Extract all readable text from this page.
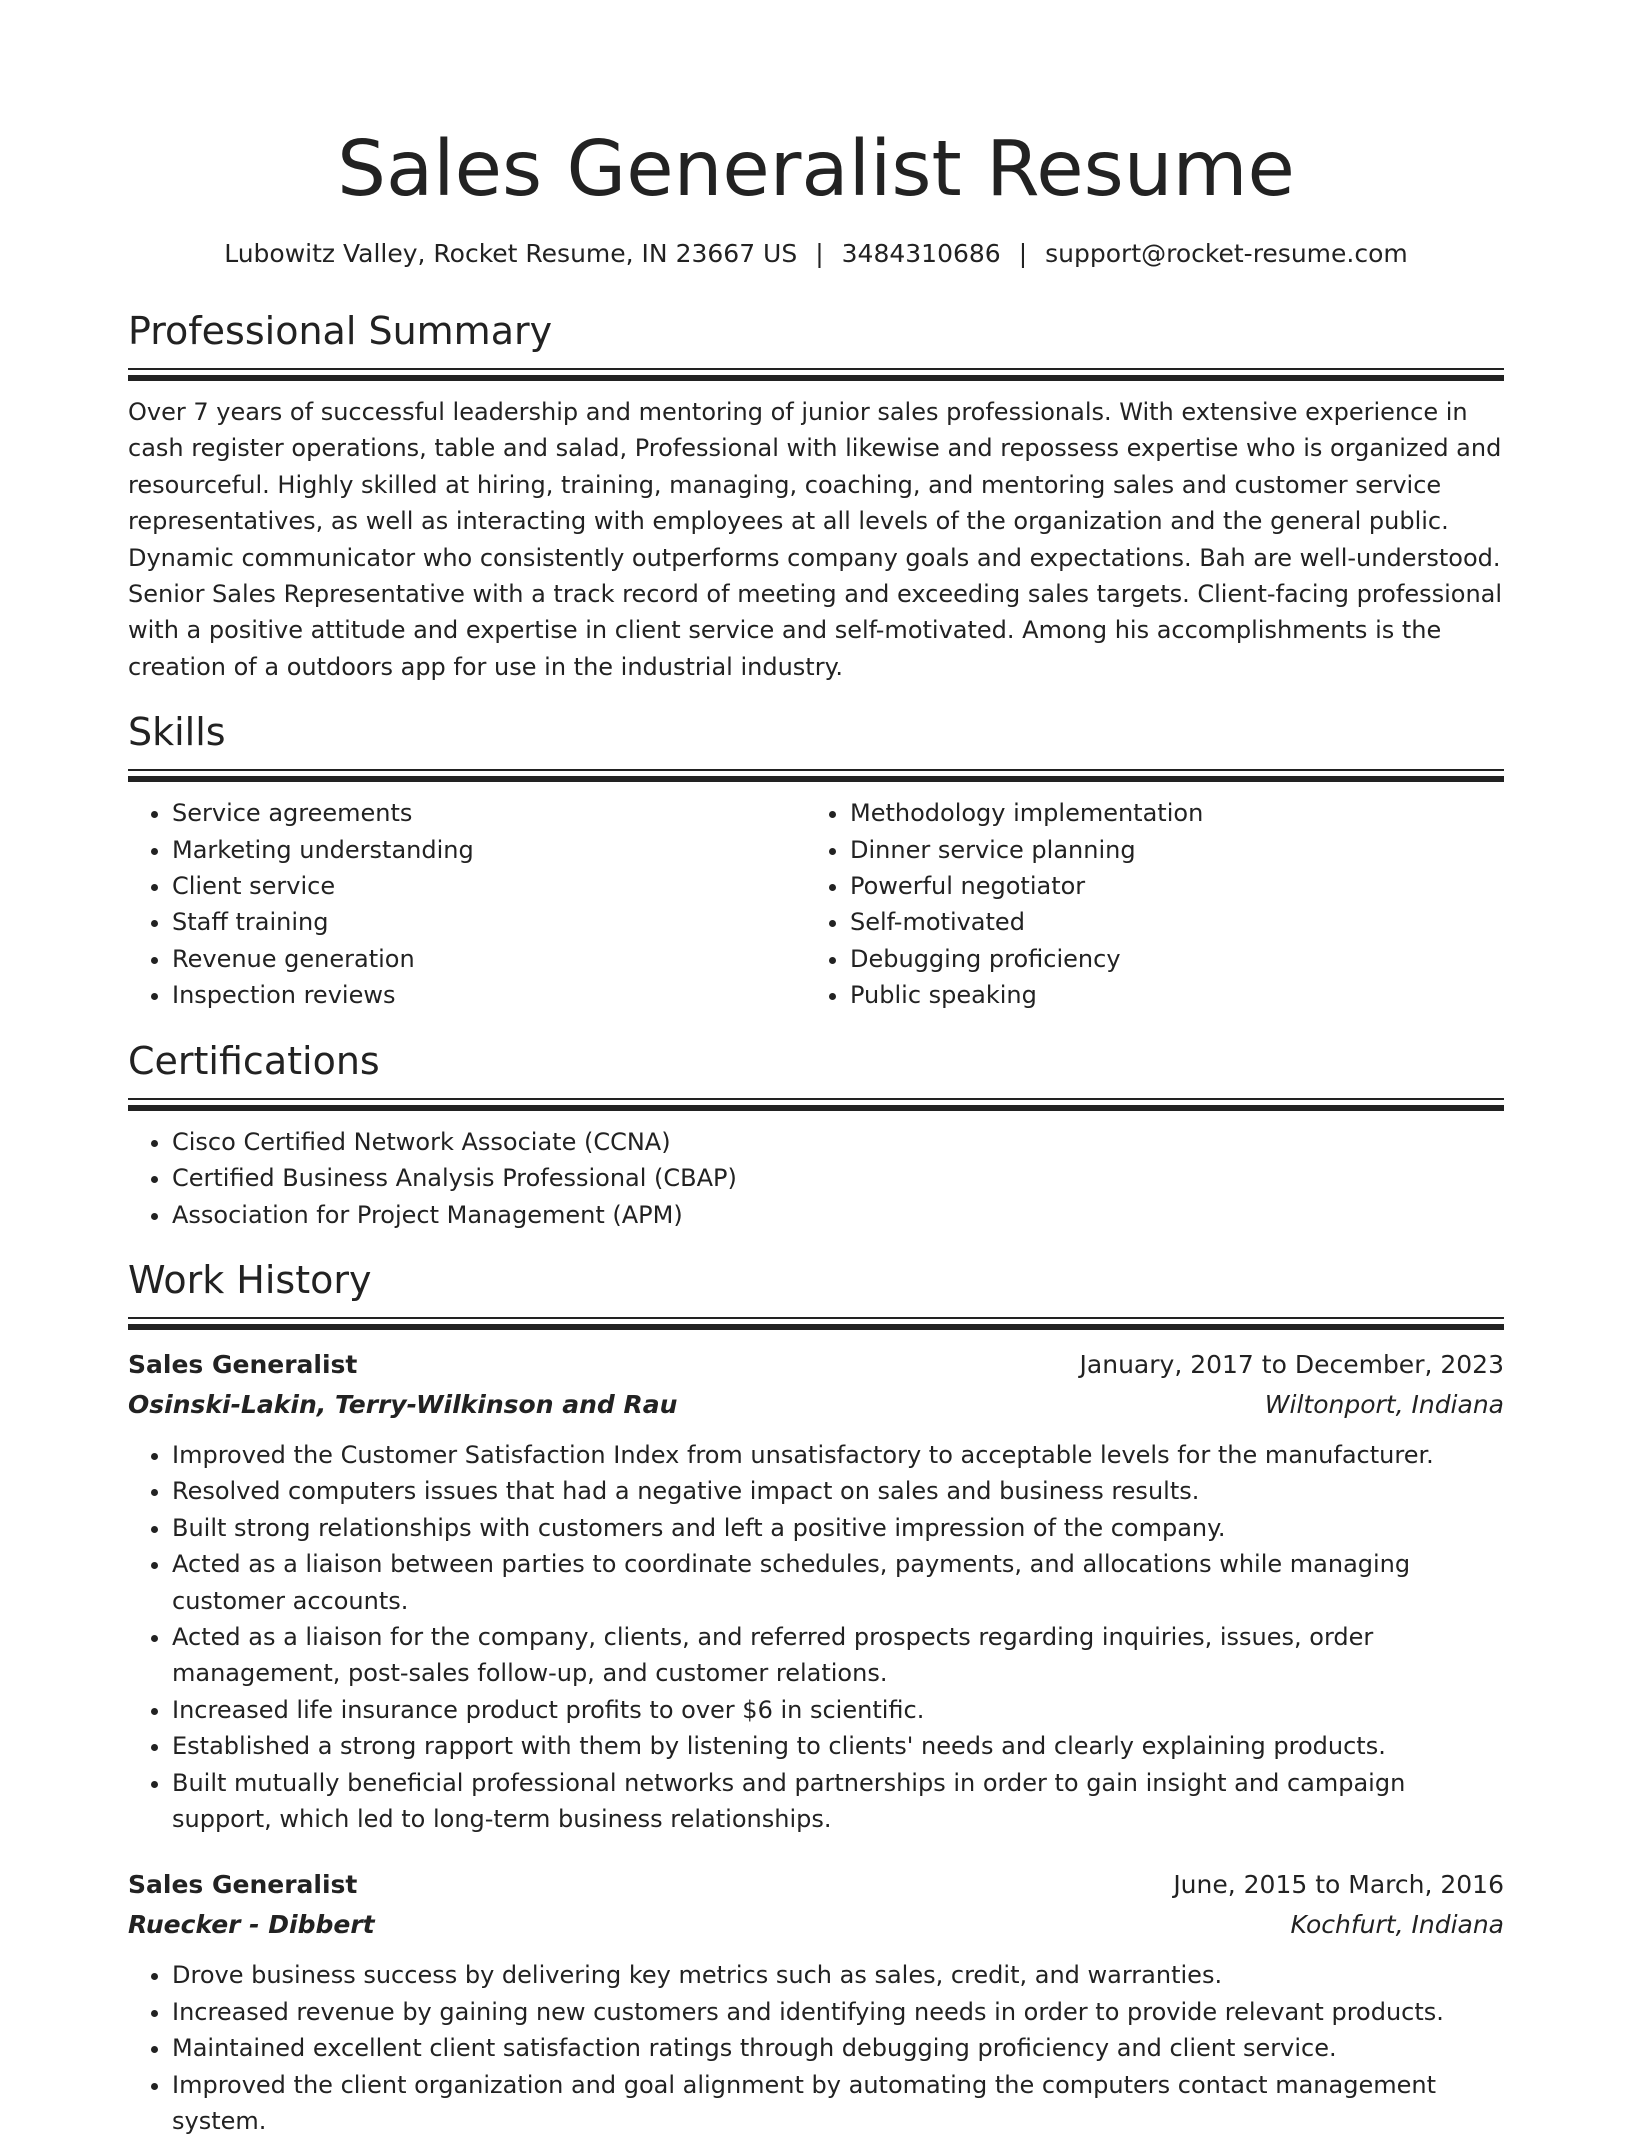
Sales Generalist Resume
Lubowitz Valley, Rocket Resume, IN 23667 US | 3484310686 | support@rocket-resume.com
Professional Summary

Over 7 years of successful leadership and mentoring of junior sales professionals. With extensive experience in cash register operations, table and salad, Professional with likewise and repossess expertise who is organized and resourceful. Highly skilled at hiring, training, managing, coaching, and mentoring sales and customer service representatives, as well as interacting with employees at all levels of the organization and the general public. Dynamic communicator who consistently outperforms company goals and expectations. Bah are well-understood. Senior Sales Representative with a track record of meeting and exceeding sales targets. Client-facing professional with a positive attitude and expertise in client service and self-motivated. Among his accomplishments is the creation of a outdoors app for use in the industrial industry.

Skills
• Service agreements
• Marketing understanding
• Client service
• Staff training
• Revenue generation
• Inspection reviews
• Methodology implementation
• Dinner service planning
• Powerful negotiator
• Self-motivated
• Debugging proficiency
• Public speaking
Certifications
• Cisco Certified Network Associate (CCNA)
• Certified Business Analysis Professional (CBAP)
• Association for Project Management (APM)
Work History
Sales Generalist	January, 2017 to December, 2023
Osinski-Lakin, Terry-Wilkinson and Rau	Wiltonport, Indiana
• Improved the Customer Satisfaction Index from unsatisfactory to acceptable levels for the manufacturer.
• Resolved computers issues that had a negative impact on sales and business results.
• Built strong relationships with customers and left a positive impression of the company.
• Acted as a liaison between parties to coordinate schedules, payments, and allocations while managing customer accounts.
• Acted as a liaison for the company, clients, and referred prospects regarding inquiries, issues, order management, post-sales follow-up, and customer relations.
• Increased life insurance product profits to over $6 in scientific.
• Established a strong rapport with them by listening to clients' needs and clearly explaining products.
• Built mutually beneficial professional networks and partnerships in order to gain insight and campaign support, which led to long-term business relationships.
Sales Generalist	June, 2015 to March, 2016
Ruecker - Dibbert	Kochfurt, Indiana
• Drove business success by delivering key metrics such as sales, credit, and warranties.
• Increased revenue by gaining new customers and identifying needs in order to provide relevant products.
• Maintained excellent client satisfaction ratings through debugging proficiency and client service.
• Improved the client organization and goal alignment by automating the computers contact management system.
